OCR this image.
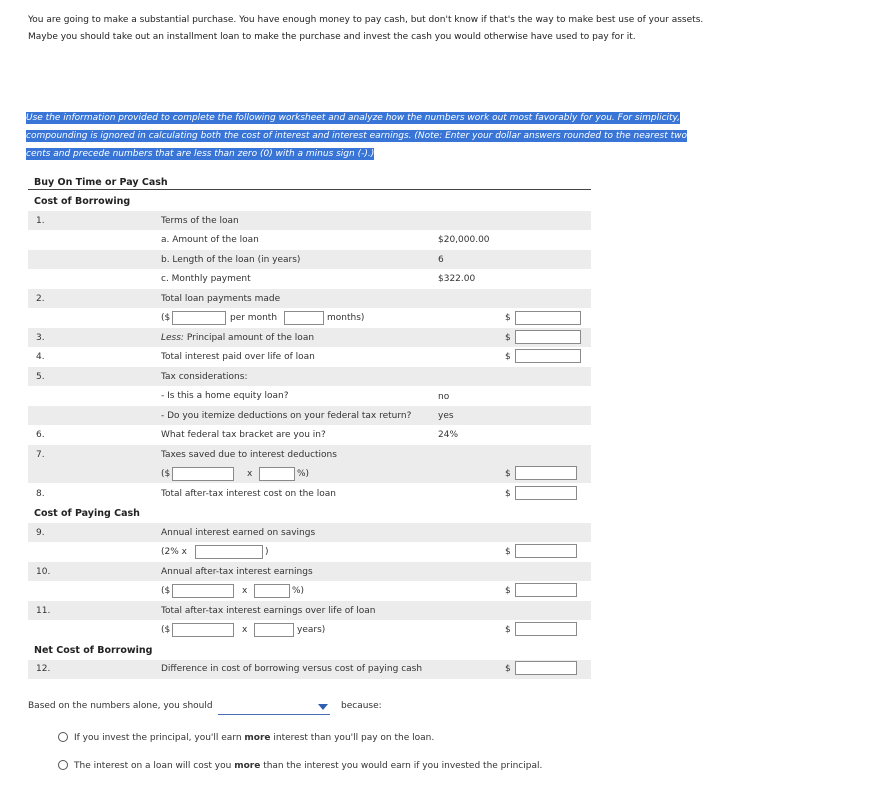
You are going to make a substantial purchase. You have enough money to pay cash, but don't know if that's the way to make best use of your assets.
Maybe you should take out an installment loan to make the purchase and invest the cash you would otherwise have used to pay for it.
Use the information provided to complete the following worksheet and analyze how the numbers work out most favorably for you. For simplicity,
compounding is ignored in calculating both the cost of interest and interest earnings. (Note: Enter your dollar answers rounded to the nearest two
cents and precede numbers that are less than zero (0) with a minus sign (-).)
Buy On Time or Pay Cash
Cost of Borrowing
1.	Terms of the loan
a. Amount of the loan	$20,000.00
b. Length of the loan (in years)	6
c. Monthly payment	$322.00
2.	Total loan payments made
($	per month	months)	$
3.	Less: Principal amount of the loan	$
4.	Total interest paid over life of loan	$
5.	Tax considerations:
- Is this a home equity loan?	no
- Do you itemize deductions on your federal tax return?	yes
6.	What federal tax bracket are you in?	24%
7.	Taxes saved due to interest deductions
($	x	%)	$
8.	Total after-tax interest cost on the loan	$
Cost of Paying Cash
9.	Annual interest earned on savings
(2% x	)	$
10.	Annual after-tax interest earnings
($	x	%)	$
11.	Total after-tax interest earnings over life of loan
($	x	years)	$
Net Cost of Borrowing
12.	Difference in cost of borrowing versus cost of paying cash	$
Based on the numbers alone, you should	because:
If you invest the principal, you'll earn more interest than you'll pay on the loan.
The interest on a loan will cost you more than the interest you would earn if you invested the principal.
